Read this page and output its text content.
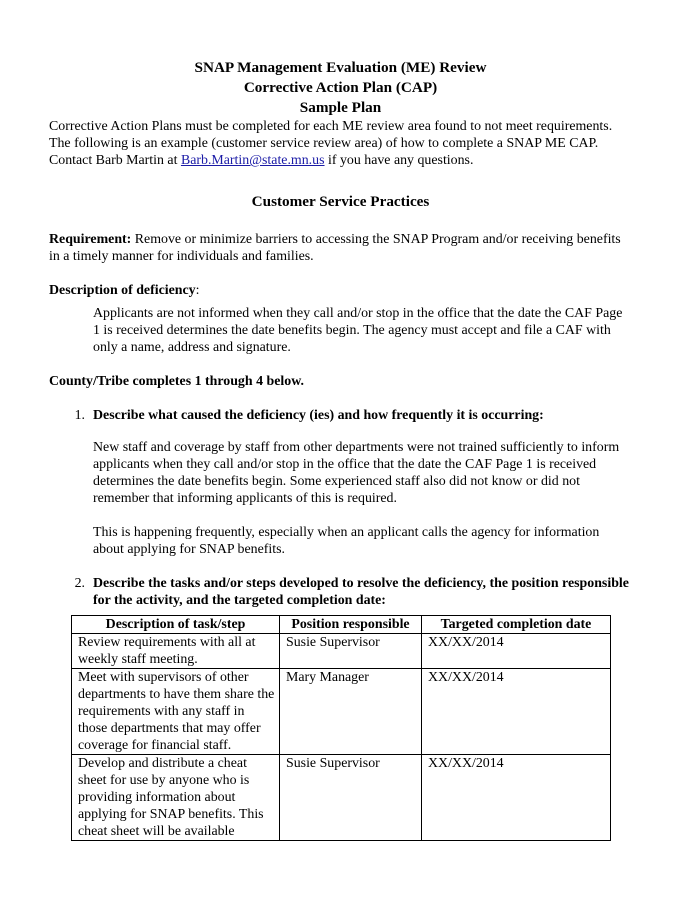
SNAP Management Evaluation (ME) Review
Corrective Action Plan (CAP)
Sample Plan
Corrective Action Plans must be completed for each ME review area found to not meet requirements. The following is an example (customer service review area) of how to complete a SNAP ME CAP. Contact Barb Martin at Barb.Martin@state.mn.us if you have any questions.
Customer Service Practices
Requirement: Remove or minimize barriers to accessing the SNAP Program and/or receiving benefits in a timely manner for individuals and families.
Description of deficiency:
Applicants are not informed when they call and/or stop in the office that the date the CAF Page 1 is received determines the date benefits begin. The agency must accept and file a CAF with only a name, address and signature.
County/Tribe completes 1 through 4 below.
1. Describe what caused the deficiency (ies) and how frequently it is occurring:
New staff and coverage by staff from other departments were not trained sufficiently to inform applicants when they call and/or stop in the office that the date the CAF Page 1 is received determines the date benefits begin. Some experienced staff also did not know or did not remember that informing applicants of this is required.
This is happening frequently, especially when an applicant calls the agency for information about applying for SNAP benefits.
2. Describe the tasks and/or steps developed to resolve the deficiency, the position responsible for the activity, and the targeted completion date:
Description of task/step	Position responsible	Targeted completion date
Review requirements with all at weekly staff meeting.	Susie Supervisor	XX/XX/2014
Meet with supervisors of other departments to have them share the requirements with any staff in those departments that may offer coverage for financial staff.	Mary Manager	XX/XX/2014
Develop and distribute a cheat sheet for use by anyone who is providing information about applying for SNAP benefits. This cheat sheet will be available	Susie Supervisor	XX/XX/2014
